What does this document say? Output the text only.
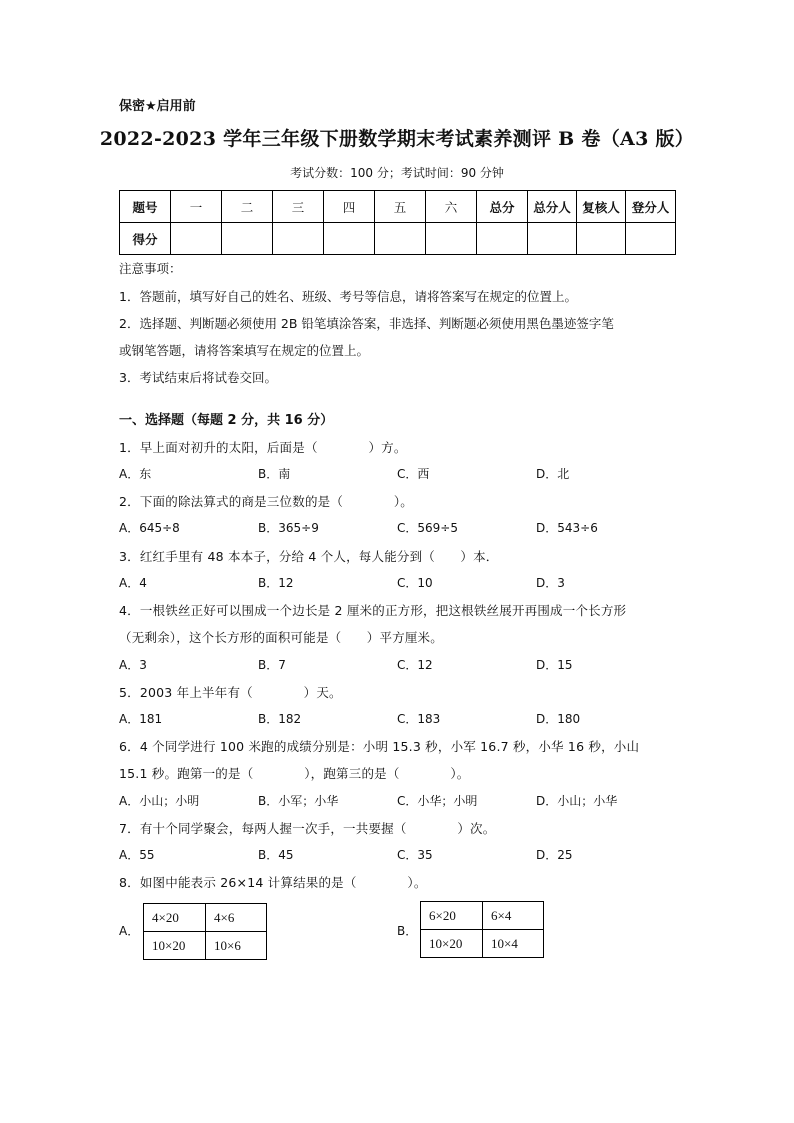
保密★启用前
2022-2023 学年三年级下册数学期末考试素养测评 B 卷（A3 版）
考试分数：100 分；考试时间：90 分钟
题号	一	二	三	四	五	六	总分	总分人	复核人	登分人
得分										
注意事项：
1．答题前，填写好自己的姓名、班级、考号等信息，请将答案写在规定的位置上。
2．选择题、判断题必须使用 2B 铅笔填涂答案，非选择、判断题必须使用黑色墨迹签字笔
或钢笔答题，请将答案填写在规定的位置上。
3．考试结束后将试卷交回。
一、选择题（每题 2 分，共 16 分）
1．早上面对初升的太阳，后面是（　　　　）方。
A．东	B．南	C．西	D．北
2．下面的除法算式的商是三位数的是（　　　　）。
A．645÷8	B．365÷9	C．569÷5	D．543÷6
3．红红手里有 48 本本子，分给 4 个人，每人能分到（　　）本．
A．4	B．12	C．10	D．3
4．一根铁丝正好可以围成一个边长是 2 厘米的正方形，把这根铁丝展开再围成一个长方形
（无剩余），这个长方形的面积可能是（　　）平方厘米。
A．3	B．7	C．12	D．15
5．2003 年上半年有（　　　　）天。
A．181	B．182	C．183	D．180
6．4 个同学进行 100 米跑的成绩分别是：小明 15.3 秒，小军 16.7 秒，小华 16 秒，小山
15.1 秒。跑第一的是（　　　　），跑第三的是（　　　　）。
A．小山；小明	B．小军；小华	C．小华；小明	D．小山；小华
7．有十个同学聚会，每两人握一次手，一共要握（　　　　）次。
A．55	B．45	C．35	D．25
8．如图中能表示 26×14 计算结果的是（　　　　）。
A．
4×20	4×6
10×20	10×6
B．
6×20	6×4
10×20	10×4
